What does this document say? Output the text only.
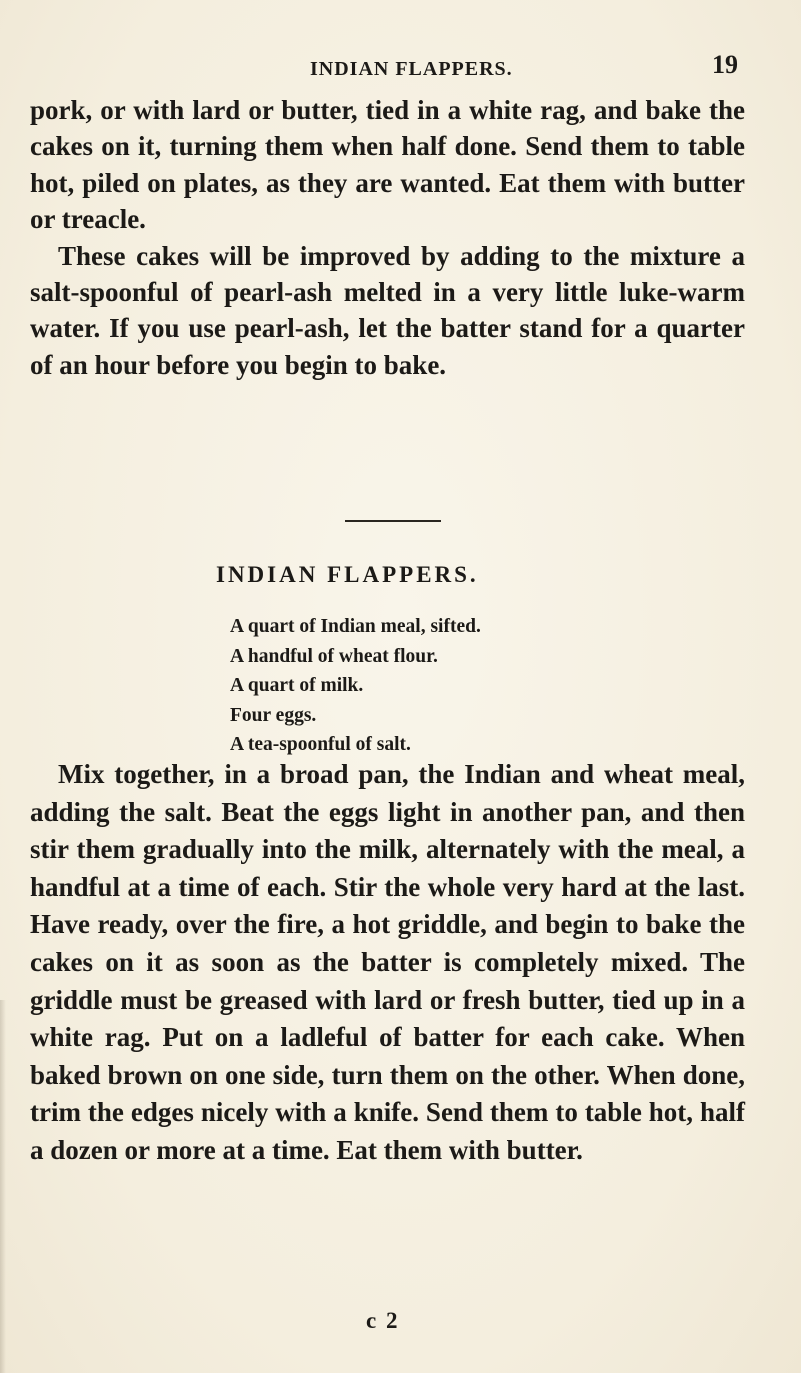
INDIAN FLAPPERS.	19

pork, or with lard or butter, tied in a white rag, and bake the cakes on it, turning them when half done. Send them to table hot, piled on plates, as they are wanted. Eat them with butter or treacle.

These cakes will be improved by adding to the mixture a salt-spoonful of pearl-ash melted in a very little luke-warm water. If you use pearl-ash, let the batter stand for a quarter of an hour before you begin to bake.

INDIAN FLAPPERS.
A quart of Indian meal, sifted.
A handful of wheat flour.
A quart of milk.
Four eggs.
A tea-spoonful of salt.

Mix together, in a broad pan, the Indian and wheat meal, adding the salt. Beat the eggs light in another pan, and then stir them gradually into the milk, alternately with the meal, a handful at a time of each. Stir the whole very hard at the last. Have ready, over the fire, a hot griddle, and begin to bake the cakes on it as soon as the batter is completely mixed. The griddle must be greased with lard or fresh butter, tied up in a white rag. Put on a ladleful of batter for each cake. When baked brown on one side, turn them on the other. When done, trim the edges nicely with a knife. Send them to table hot, half a dozen or more at a time. Eat them with butter.

c 2
